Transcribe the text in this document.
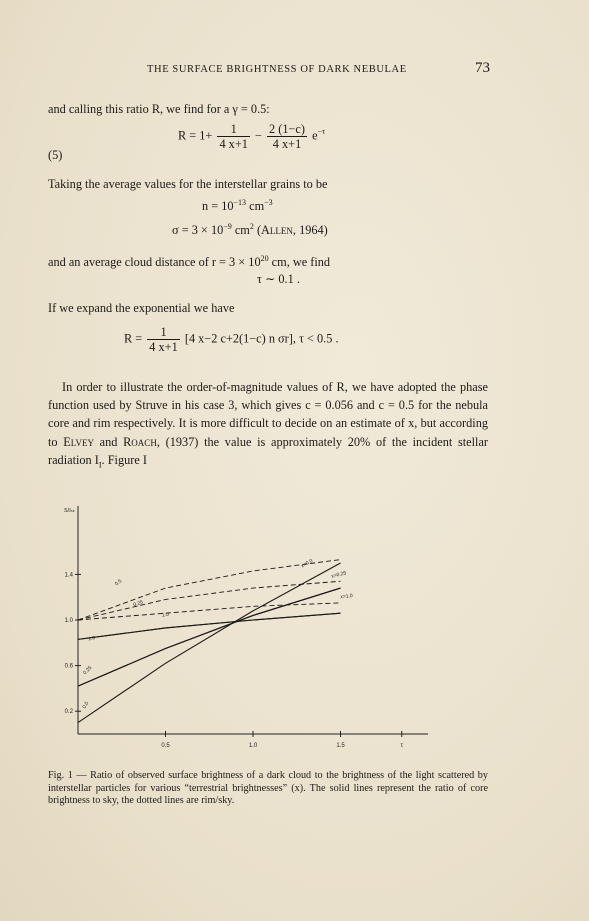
THE SURFACE BRIGHTNESS OF DARK NEBULAE	73
and calling this ratio R, we find for a γ = 0.5:
$R = 1+ \frac{1}{4 x+1} - \frac{2 (1-c)}{4 x+1} e^{-\tau}$
(5)
Taking the average values for the interstellar grains to be
$n = 10^{-13}$ $cm^{-3}$
$\sigma = 3 \times 10^{-9}$ $cm^2$ (Allen, 1964)
and an average cloud distance of $r = 3 \times 10^{20}$ cm, we find
τ ∼ 0.1 .
If we expand the exponential we have
$R = \frac{1}{4 x+1} [4$ x−2 c+2(1−c) n σr], τ < 0.5 .

In order to illustrate the order-of-magnitude values of R, we have adopted the phase function used by Struve in his case 3, which gives c = 0.056 and c = 0.5 for the nebula core and rim respectively. It is more difficult to decide on an estimate of x, but according to Elvey and Roach, (1937) the value is approximately 20% of the incident stellar radiation $I_I$. Figure I

0.5	1.0	1.5	τ
0.2
0.6
1.0
1.4
S/Iₛₖ
x=0.0
x=0.25
x=1.0
0.5
0.25
1.0
1.0
0.25
0.0

Fig. 1 — Ratio of observed surface brightness of a dark cloud to the brightness of the light scattered by interstellar particles for various “terrestrial brightnesses” (x). The solid lines represent the ratio of core brightness to sky, the dotted lines are rim/sky.
